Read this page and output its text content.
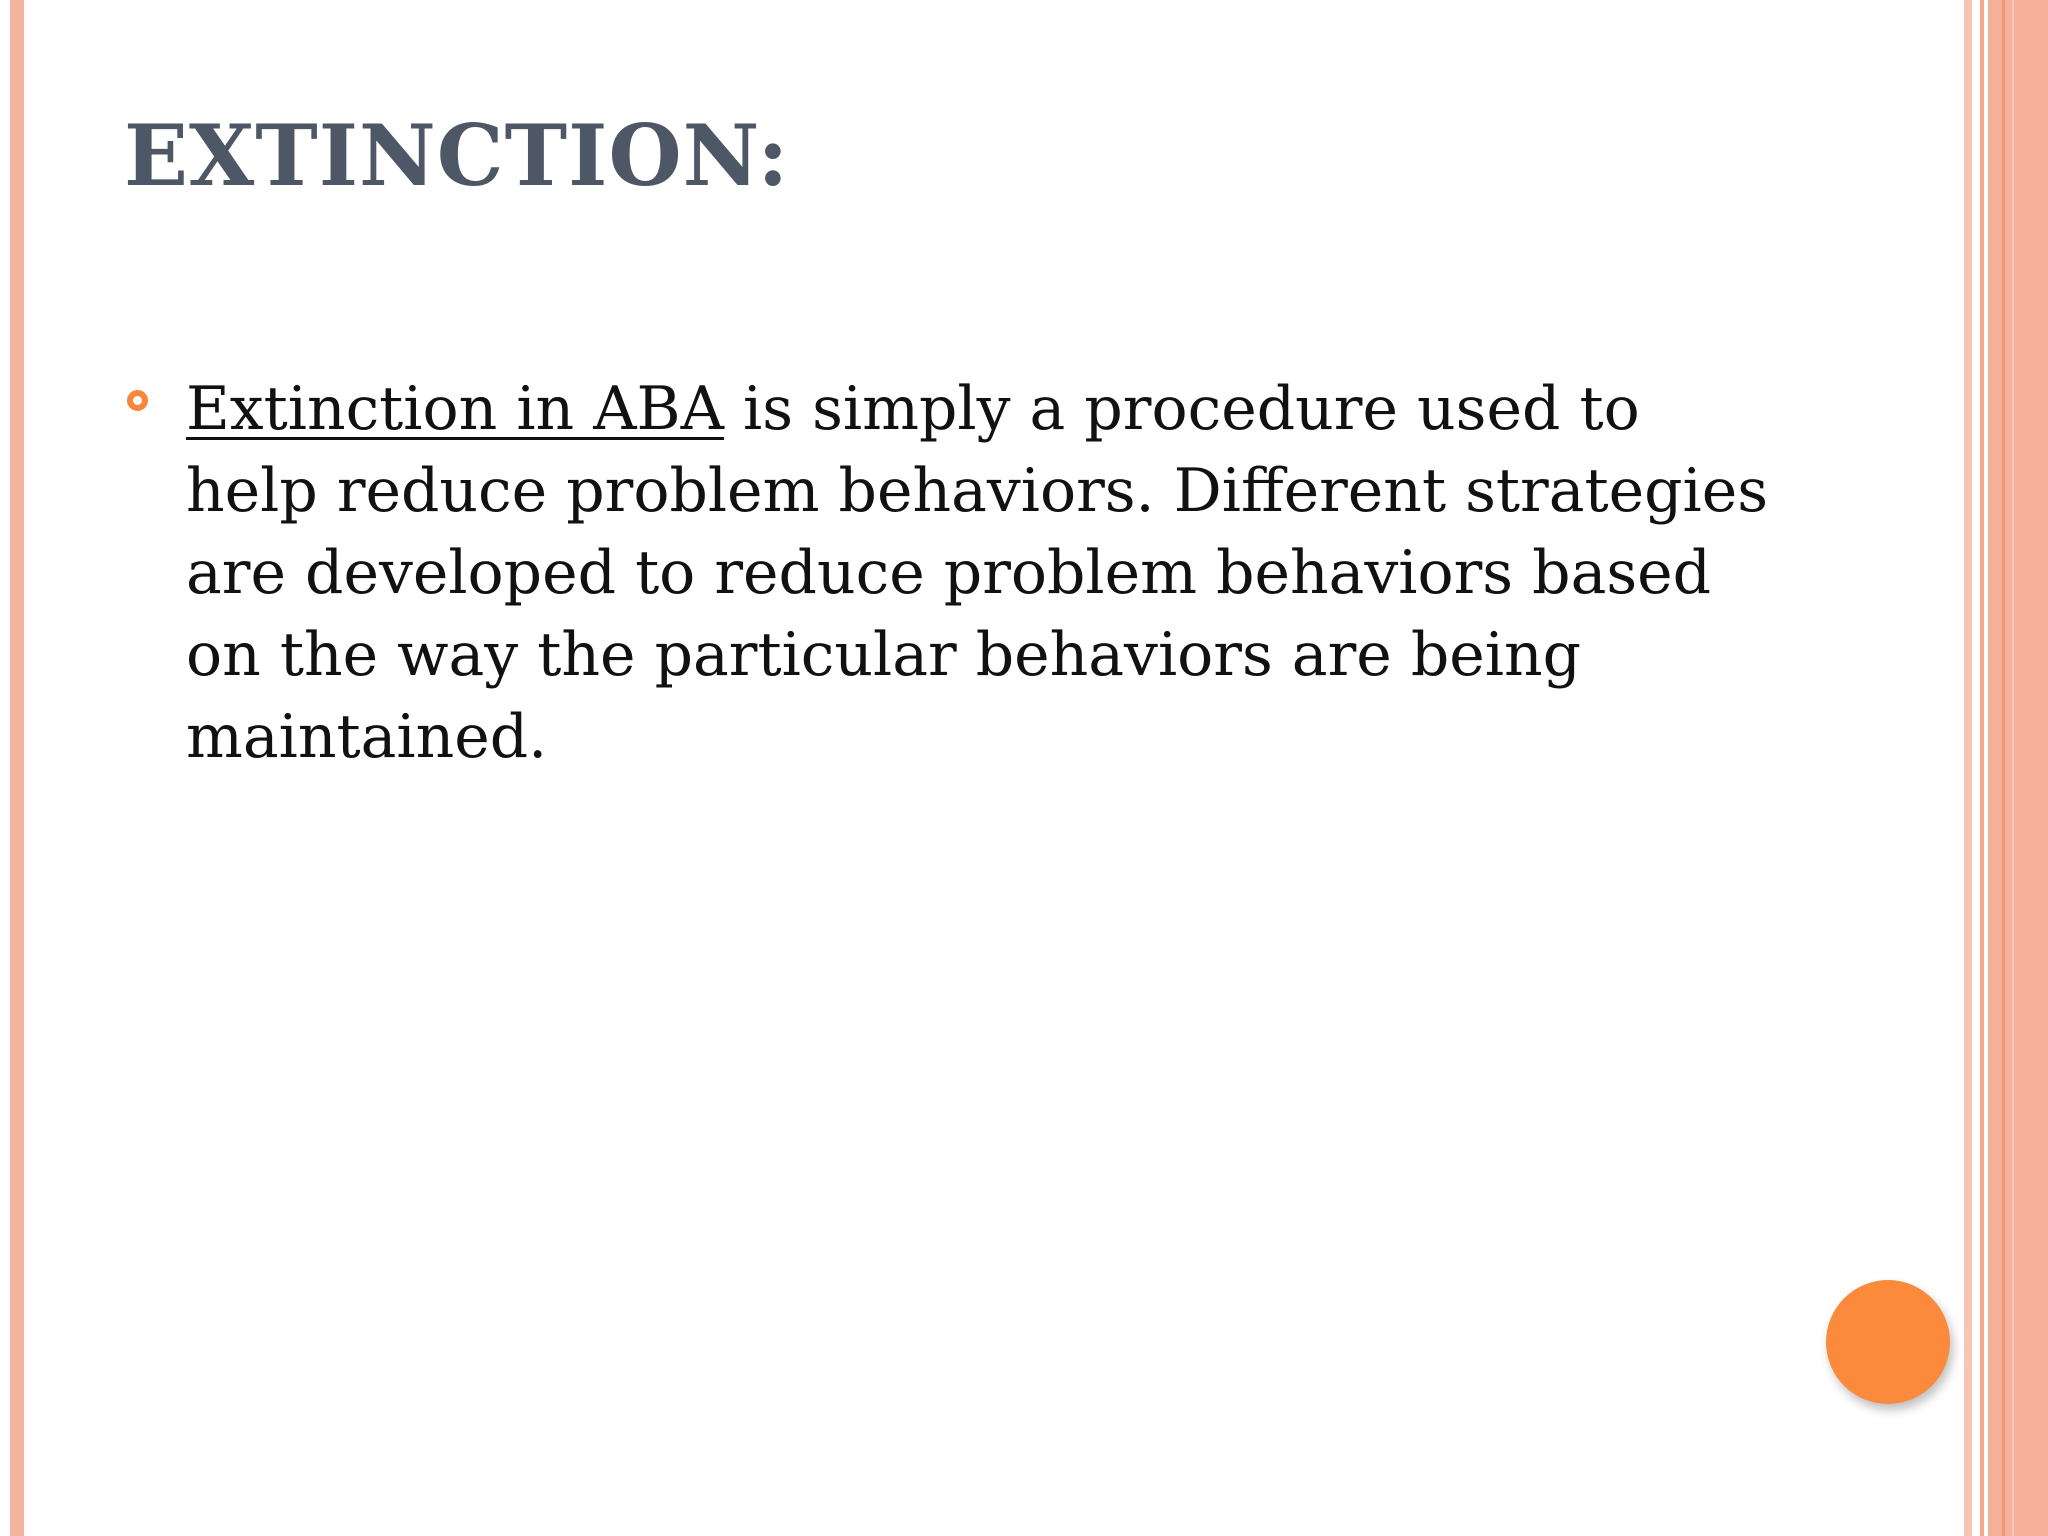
EXTINCTION:
Extinction in ABA is simply a procedure used to help reduce problem behaviors. Different strategies are developed to reduce problem behaviors based on the way the particular behaviors are being maintained.
